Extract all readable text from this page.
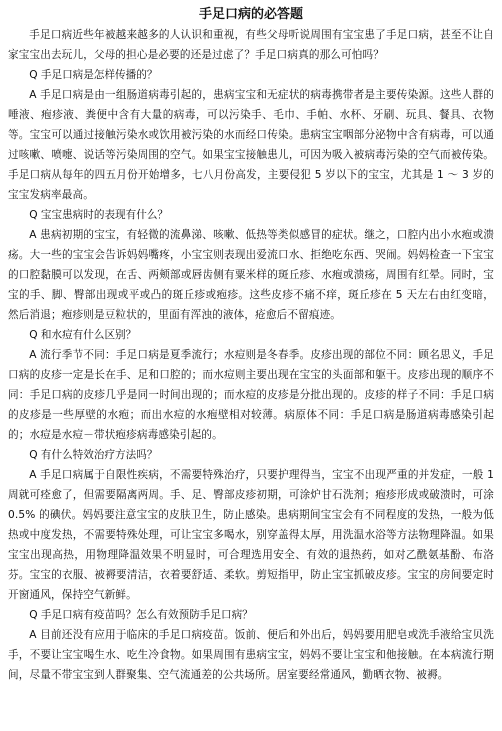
手足口病的必答题

手足口病近些年被越来越多的人认识和重视，有些父母听说周围有宝宝患了手足口病，甚至不让自家宝宝出去玩儿，父母的担心是必要的还是过虑了？手足口病真的那么可怕吗？

Q 手足口病是怎样传播的？

A 手足口病是由一组肠道病毒引起的，患病宝宝和无症状的病毒携带者是主要传染源。这些人群的唾液、疱疹液、粪便中含有大量的病毒，可以污染手、毛巾、手帕、水杯、牙刷、玩具、餐具、衣物等。宝宝可以通过接触污染水或饮用被污染的水而经口传染。患病宝宝咽部分泌物中含有病毒，可以通过咳嗽、喷嚏、说话等污染周围的空气。如果宝宝接触患儿，可因为吸入被病毒污染的空气而被传染。手足口病从每年的四五月份开始增多，七八月份高发，主要侵犯 5 岁以下的宝宝，尤其是 1 ～ 3 岁的宝宝发病率最高。

Q 宝宝患病时的表现有什么？

A 患病初期的宝宝，有轻微的流鼻涕、咳嗽、低热等类似感冒的症状。继之，口腔内出小水疱或溃疡。大一些的宝宝会告诉妈妈嘴疼，小宝宝则表现出爱流口水、拒绝吃东西、哭闹。妈妈检查一下宝宝的口腔黏膜可以发现，在舌、两颊部或唇齿侧有粟米样的斑丘疹、水疱或溃疡，周围有红晕。同时，宝宝的手、脚、臀部出现或平或凸的斑丘疹或疱疹。这些皮疹不痛不痒，斑丘疹在 5 天左右由红变暗，然后消退；疱疹则是豆粒状的，里面有浑浊的液体，疮愈后不留痕迹。

Q 和水痘有什么区别？

A 流行季节不同：手足口病是夏季流行；水痘则是冬春季。皮疹出现的部位不同：顾名思义，手足口病的皮疹一定是长在手、足和口腔的；而水痘则主要出现在宝宝的头面部和躯干。皮疹出现的顺序不同：手足口病的皮疹几乎是同一时间出现的；而水痘的皮疹是分批出现的。皮疹的样子不同：手足口病的皮疹是一些厚壁的水疱；而出水痘的水疱壁相对较薄。病原体不同：手足口病是肠道病毒感染引起的；水痘是水痘－带状疱疹病毒感染引起的。

Q 有什么特效治疗方法吗？

A 手足口病属于自限性疾病，不需要特殊治疗，只要护理得当，宝宝不出现严重的并发症，一般 1 周就可痊愈了，但需要隔离两周。手、足、臀部皮疹初期，可涂炉甘石洗剂；疱疹形成或破溃时，可涂 0.5% 的碘伏。妈妈要注意宝宝的皮肤卫生，防止感染。患病期间宝宝会有不同程度的发热，一般为低热或中度发热，不需要特殊处理，可让宝宝多喝水，别穿盖得太厚，用洗温水浴等方法物理降温。如果宝宝出现高热，用物理降温效果不明显时，可合理选用安全、有效的退热药，如对乙酰氨基酚、布洛芬。宝宝的衣服、被褥要清洁，衣着要舒适、柔软。剪短指甲，防止宝宝抓破皮疹。宝宝的房间要定时开窗通风，保持空气新鲜。

Q 手足口病有疫苗吗？怎么有效预防手足口病？

A 目前还没有应用于临床的手足口病疫苗。饭前、便后和外出后，妈妈要用肥皂或洗手液给宝贝洗手，不要让宝宝喝生水、吃生冷食物。如果周围有患病宝宝，妈妈不要让宝宝和他接触。在本病流行期间，尽量不带宝宝到人群聚集、空气流通差的公共场所。居室要经常通风，勤晒衣物、被褥。
